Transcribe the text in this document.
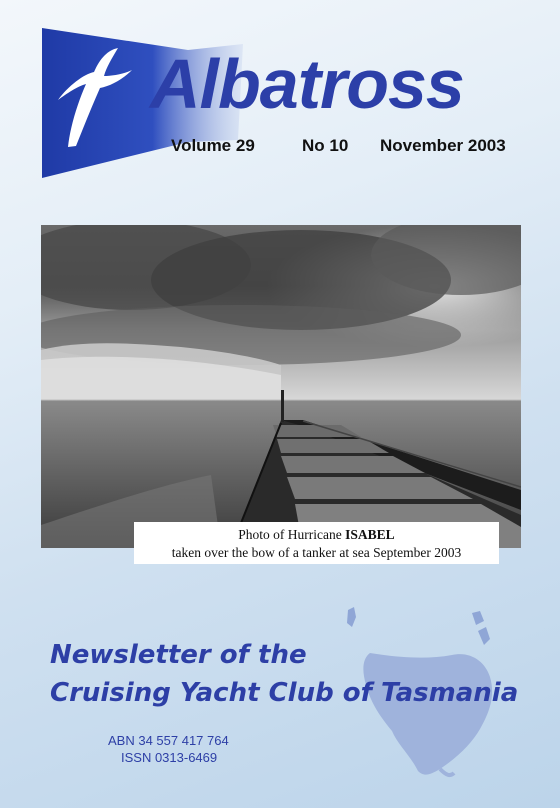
Albatross
Volume 29	No 10 November 2003
Photo of Hurricane ISABEL
taken over the bow of a tanker at sea September 2003
Newsletter of the
Cruising Yacht Club of Tasmania
ABN 34 557 417 764
ISSN 0313-6469
